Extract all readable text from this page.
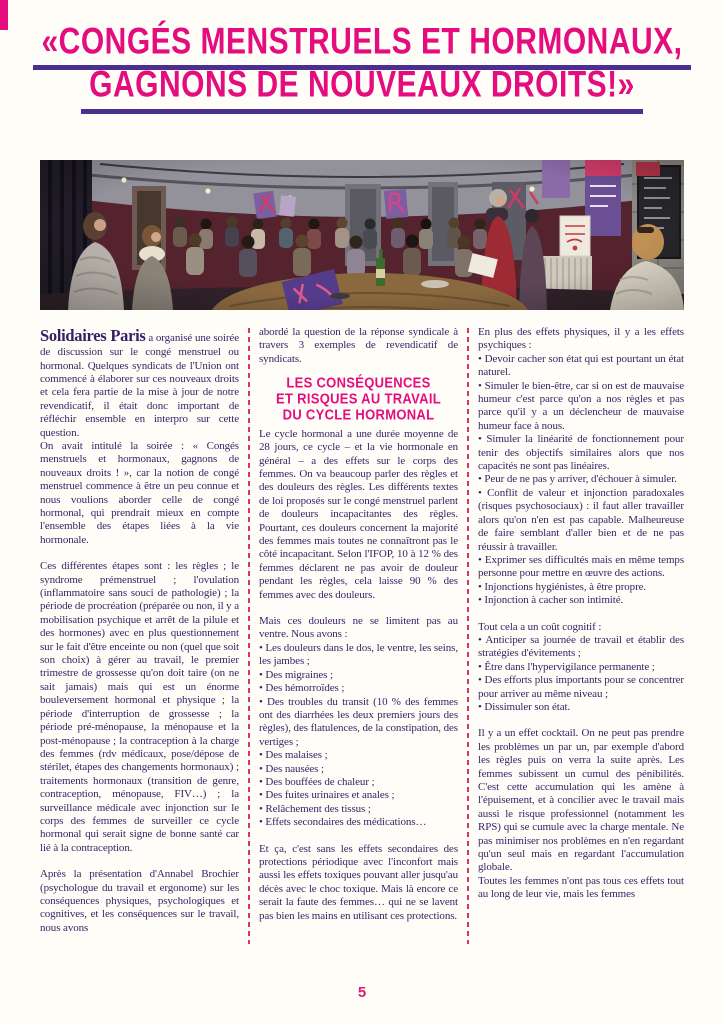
«CONGÉS MENSTRUELS ET HORMONAUX,
GAGNONS DE NOUVEAUX DROITS!»

Solidaires Paris a organisé une soirée de discussion sur le congé menstruel ou hormonal. Quelques syndicats de l'Union ont commencé à élaborer sur ces nouveaux droits et cela fera partie de la mise à jour de notre revendicatif, il était donc important de réfléchir ensemble en interpro sur cette question.

On avait intitulé la soirée : « Congés menstruels et hormonaux, gagnons de nouveaux droits ! », car la notion de congé menstruel commence à être un peu connue et nous voulions aborder celle de congé hormonal, qui prendrait mieux en compte l'ensemble des étapes liées à la vie hormonale.

Ces différentes étapes sont : les règles ; le syndrome prémenstruel ; l'ovulation (inflammatoire sans souci de pathologie) ; la période de procréation (préparée ou non, il y a mobilisation psychique et arrêt de la pilule et des hormones) avec en plus questionnement sur le fait d'être enceinte ou non (quel que soit son choix) à gérer au travail, le premier trimestre de grossesse qu'on doit taire (on ne sait jamais) mais qui est un énorme bouleversement hormonal et physique ; la période d'interruption de grossesse ; la période pré-ménopause, la ménopause et la post-ménopause ; la contraception à la charge des femmes (rdv médicaux, pose/dépose de stérilet, étapes des changements hormonaux) ; traitements hormonaux (transition de genre, contraception, ménopause, FIV…) ; la surveillance médicale avec injonction sur le corps des femmes de surveiller ce cycle hormonal qui serait signe de bonne santé car lié à la contraception.

Après la présentation d'Annabel Brochier (psychologue du travail et ergonome) sur les conséquences physiques, psychologiques et cognitives, et les conséquences sur le travail, nous avons

abordé la question de la réponse syndicale à travers 3 exemples de revendicatif de syndicats.

LES CONSÉQUENCES
ET RISQUES AU TRAVAIL
DU CYCLE HORMONAL

Le cycle hormonal a une durée moyenne de 28 jours, ce cycle – et la vie hormonale en général – a des effets sur le corps des femmes. On va beaucoup parler des règles et des douleurs des règles. Les différents textes de loi proposés sur le congé menstruel parlent de douleurs incapacitantes des règles. Pourtant, ces douleurs concernent la majorité des femmes mais toutes ne connaîtront pas le côté incapacitant. Selon l'IFOP, 10 à 12 % des femmes déclarent ne pas avoir de douleur pendant les règles, cela laisse 90 % des femmes avec des douleurs.

Mais ces douleurs ne se limitent pas au ventre. Nous avons :

• Les douleurs dans le dos, le ventre, les seins, les jambes ;

• Des migraines ;

• Des hémorroïdes ;

• Des troubles du transit (10 % des femmes ont des diarrhées les deux premiers jours des règles), des flatulences, de la constipation, des vertiges ;

• Des malaises ;

• Des nausées ;

• Des bouffées de chaleur ;

• Des fuites urinaires et anales ;

• Relâchement des tissus ;

• Effets secondaires des médications…

Et ça, c'est sans les effets secondaires des protections périodique avec l'inconfort mais aussi les effets toxiques pouvant aller jusqu'au décès avec le choc toxique. Mais là encore ce serait la faute des femmes… qui ne se lavent pas bien les mains en utilisant ces protections.

En plus des effets physiques, il y a les effets psychiques :

• Devoir cacher son état qui est pourtant un état naturel.

• Simuler le bien-être, car si on est de mauvaise humeur c'est parce qu'on a nos règles et pas parce qu'il y a un déclencheur de mauvaise humeur face à nous.

• Simuler la linéarité de fonctionnement pour tenir des objectifs similaires alors que nos capacités ne sont pas linéaires.

• Peur de ne pas y arriver, d'échouer à simuler.

• Conflit de valeur et injonction paradoxales (risques psychosociaux) : il faut aller travailler alors qu'on n'en est pas capable. Malheureuse de faire semblant d'aller bien et de ne pas réussir à travailler.

• Exprimer ses difficultés mais en même temps personne pour mettre en œuvre des actions.

• Injonctions hygiénistes, à être propre.

• Injonction à cacher son intimité.

Tout cela a un coût cognitif :

• Anticiper sa journée de travail et établir des stratégies d'évitements ;

• Être dans l'hypervigilance permanente ;

• Des efforts plus importants pour se concentrer pour arriver au même niveau ;

• Dissimuler son état.

Il y a un effet cocktail. On ne peut pas prendre les problèmes un par un, par exemple d'abord les règles puis on verra la suite après. Les femmes subissent un cumul des pénibilités. C'est cette accumulation qui les amène à l'épuisement, et à concilier avec le travail mais aussi le risque professionnel (notamment les RPS) qui se cumule avec la charge mentale. Ne pas minimiser nos problèmes en n'en regardant qu'un seul mais en regardant l'accumulation globale.

Toutes les femmes n'ont pas tous ces effets tout au long de leur vie, mais les femmes

5
